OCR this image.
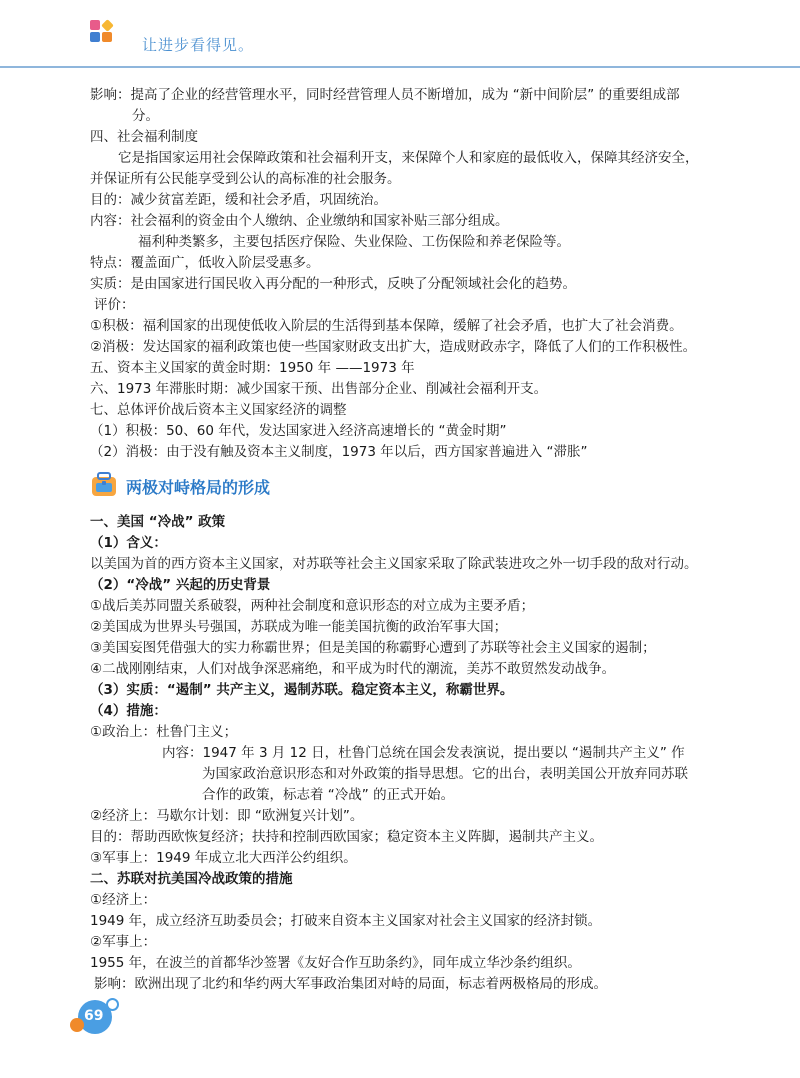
让进步看得见。
影响：提高了企业的经营管理水平，同时经营管理人员不断增加，成为 “新中间阶层” 的重要组成部
分。
四、社会福利制度
它是指国家运用社会保障政策和社会福利开支，来保障个人和家庭的最低收入，保障其经济安全，
并保证所有公民能享受到公认的高标准的社会服务。
目的：减少贫富差距，缓和社会矛盾，巩固统治。
内容：社会福利的资金由个人缴纳、企业缴纳和国家补贴三部分组成。
福利种类繁多，主要包括医疗保险、失业保险、工伤保险和养老保险等。
特点：覆盖面广，低收入阶层受惠多。
实质：是由国家进行国民收入再分配的一种形式，反映了分配领域社会化的趋势。
评价：
①积极：福利国家的出现使低收入阶层的生活得到基本保障，缓解了社会矛盾，也扩大了社会消费。
②消极：发达国家的福利政策也使一些国家财政支出扩大，造成财政赤字，降低了人们的工作积极性。
五、资本主义国家的黄金时期：1950 年 ——1973 年
六、1973 年滞胀时期：减少国家干预、出售部分企业、削减社会福利开支。
七、总体评价战后资本主义国家经济的调整
（1）积极：50、60 年代，发达国家进入经济高速增长的 “黄金时期”
（2）消极：由于没有触及资本主义制度，1973 年以后，西方国家普遍进入 “滞胀”
两极对峙格局的形成
一、美国 “冷战” 政策
（1）含义：
以美国为首的西方资本主义国家，对苏联等社会主义国家采取了除武装进攻之外一切手段的敌对行动。
（2）“冷战” 兴起的历史背景
①战后美苏同盟关系破裂，两种社会制度和意识形态的对立成为主要矛盾；
②美国成为世界头号强国，苏联成为唯一能美国抗衡的政治军事大国；
③美国妄图凭借强大的实力称霸世界；但是美国的称霸野心遭到了苏联等社会主义国家的遏制；
④二战刚刚结束，人们对战争深恶痛绝，和平成为时代的潮流，美苏不敢贸然发动战争。
（3）实质：“遏制” 共产主义，遏制苏联。稳定资本主义，称霸世界。
（4）措施：
①政治上：杜鲁门主义；
内容：1947 年 3 月 12 日，杜鲁门总统在国会发表演说，提出要以 “遏制共产主义” 作
为国家政治意识形态和对外政策的指导思想。它的出台，表明美国公开放弃同苏联
合作的政策，标志着 “冷战” 的正式开始。
②经济上：马歇尔计划：即 “欧洲复兴计划”。
目的：帮助西欧恢复经济；扶持和控制西欧国家；稳定资本主义阵脚，遏制共产主义。
③军事上：1949 年成立北大西洋公约组织。
二、苏联对抗美国冷战政策的措施
①经济上：
1949 年，成立经济互助委员会；打破来自资本主义国家对社会主义国家的经济封锁。
②军事上：
1955 年，在波兰的首都华沙签署《友好合作互助条约》，同年成立华沙条约组织。
影响：欧洲出现了北约和华约两大军事政治集团对峙的局面，标志着两极格局的形成。
69
